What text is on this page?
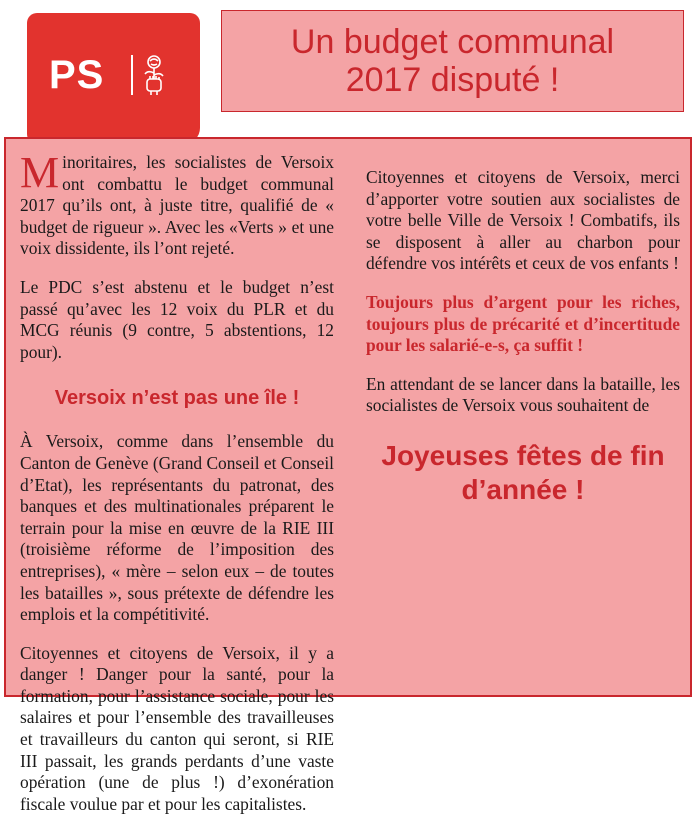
PS
Un budget communal
2017 disputé !

Minoritaires, les socialistes de Versoix ont combattu le budget communal 2017 qu’ils ont, à juste titre, qualifié de « budget de rigueur ». Avec les «Verts » et une voix dissidente, ils l’ont rejeté.

Le PDC s’est abstenu et le budget n’est passé qu’avec les 12 voix du PLR et du MCG réunis (9 contre, 5 abstentions, 12 pour).

Versoix n’est pas une île !

À Versoix, comme dans l’ensemble du Canton de Genève (Grand Conseil et Conseil d’Etat), les représentants du patronat, des banques et des multinationales préparent le terrain pour la mise en œuvre de la RIE III (troisième réforme de l’imposition des entreprises), « mère – selon eux – de toutes les batailles », sous prétexte de défendre les emplois et la compétitivité.

Citoyennes et citoyens de Versoix, il y a danger ! Danger pour la santé, pour la formation, pour l’assistance sociale, pour les salaires et pour l’ensemble des travailleuses et travailleurs du canton qui seront, si RIE III passait, les grands perdants d’une vaste opération (une de plus !) d’exonération fiscale voulue par et pour les capitalistes.

Citoyennes et citoyens de Versoix, merci d’apporter votre soutien aux socialistes de votre belle Ville de Versoix ! Combatifs, ils se disposent à aller au charbon pour défendre vos intérêts et ceux de vos enfants !

Toujours plus d’argent pour les riches, toujours plus de précarité et d’incertitude pour les salarié-e-s, ça suffit !

En attendant de se lancer dans la bataille, les socialistes de Versoix vous souhaitent de

Joyeuses fêtes de fin
d’année !
